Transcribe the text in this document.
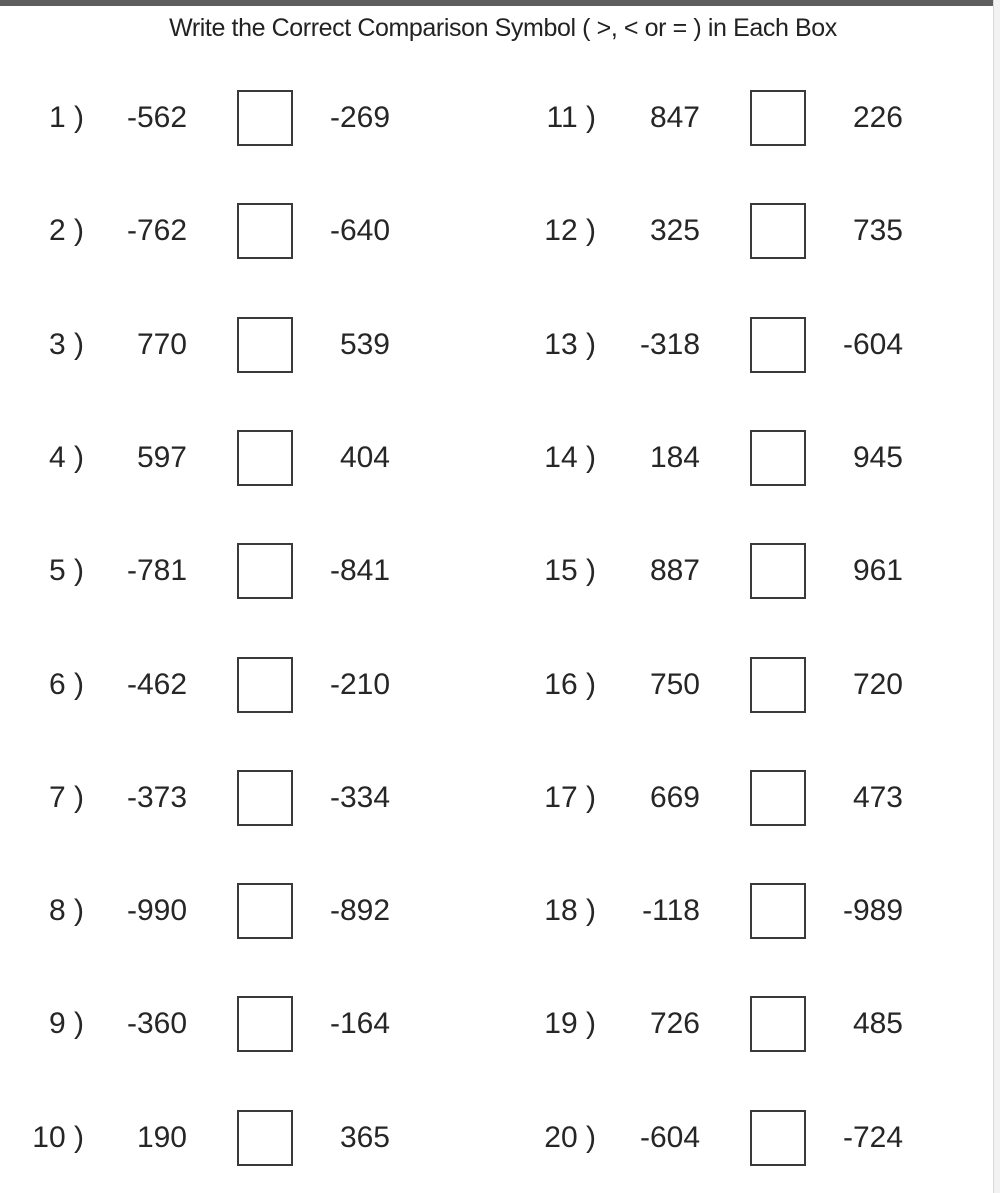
Write the Correct Comparison Symbol ( >, < or = ) in Each Box
1 )	-562	-269
2 )	-762	-640
3 )	770	539
4 )	597	404
5 )	-781	-841
6 )	-462	-210
7 )	-373	-334
8 )	-990	-892
9 )	-360	-164
10 )	190	365
11 )	847	226
12 )	325	735
13 )	-318	-604
14 )	184	945
15 )	887	961
16 )	750	720
17 )	669	473
18 )	-118	-989
19 )	726	485
20 )	-604	-724
